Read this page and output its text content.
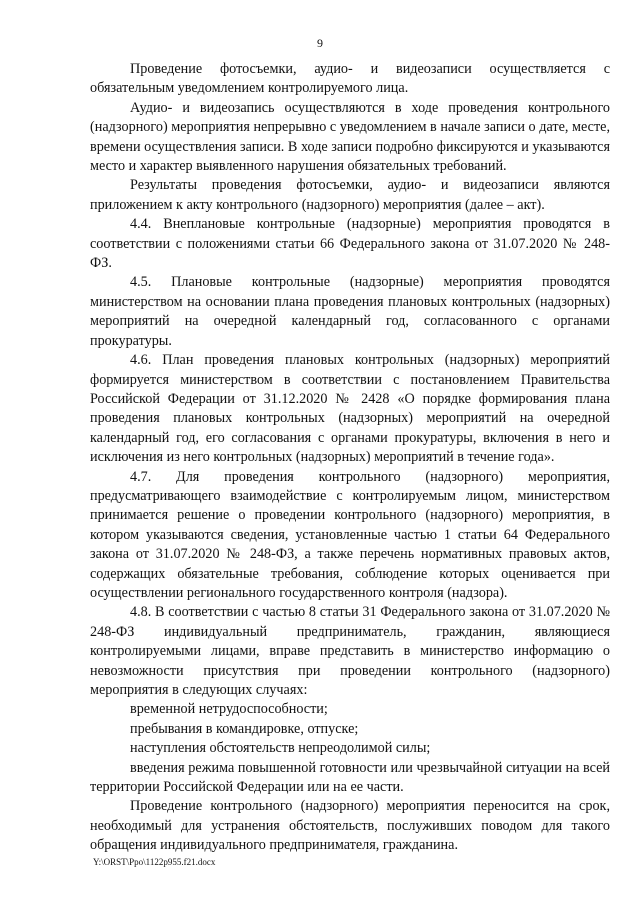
9

Проведение фотосъемки, аудио- и видеозаписи осуществляется с обязательным уведомлением контролируемого лица.

Аудио- и видеозапись осуществляются в ходе проведения контрольного (надзорного) мероприятия непрерывно с уведомлением в начале записи о дате, месте, времени осуществления записи. В ходе записи подробно фиксируются и указываются место и характер выявленного нарушения обязательных требований.

Результаты проведения фотосъемки, аудио- и видеозаписи являются приложением к акту контрольного (надзорного) мероприятия (далее – акт).

4.4. Внеплановые контрольные (надзорные) мероприятия проводятся в соответствии с положениями статьи 66 Федерального закона от 31.07.2020 № 248-ФЗ.

4.5. Плановые контрольные (надзорные) мероприятия проводятся министерством на основании плана проведения плановых контрольных (надзорных) мероприятий на очередной календарный год, согласованного с органами прокуратуры.

4.6. План проведения плановых контрольных (надзорных) мероприятий формируется министерством в соответствии с постановлением Правительства Российской Федерации от 31.12.2020 № 2428 «О порядке формирования плана проведения плановых контрольных (надзорных) мероприятий на очередной календарный год, его согласования с органами прокуратуры, включения в него и исключения из него контрольных (надзорных) мероприятий в течение года».

4.7. Для проведения контрольного (надзорного) мероприятия, предусматривающего взаимодействие с контролируемым лицом, министерством принимается решение о проведении контрольного (надзорного) мероприятия, в котором указываются сведения, установленные частью 1 статьи 64 Федерального закона от 31.07.2020 № 248-ФЗ, а также перечень нормативных правовых актов, содержащих обязательные требования, соблюдение которых оценивается при осуществлении регионального государственного контроля (надзора).

4.8. В соответствии с частью 8 статьи 31 Федерального закона от 31.07.2020 № 248-ФЗ индивидуальный предприниматель, гражданин, являющиеся контролируемыми лицами, вправе представить в министерство информацию о невозможности присутствия при проведении контрольного (надзорного) мероприятия в следующих случаях:

временной нетрудоспособности;

пребывания в командировке, отпуске;

наступления обстоятельств непреодолимой силы;

введения режима повышенной готовности или чрезвычайной ситуации на всей территории Российской Федерации или на ее части.

Проведение контрольного (надзорного) мероприятия переносится на срок, необходимый для устранения обстоятельств, послуживших поводом для такого обращения индивидуального предпринимателя, гражданина.

Y:\ORST\Ppo\1122p955.f21.docx
